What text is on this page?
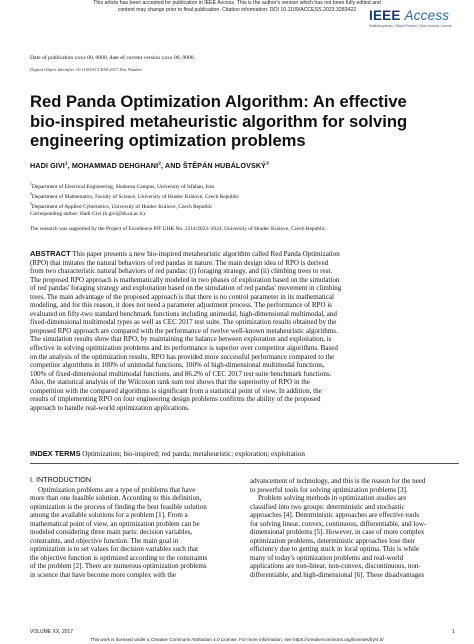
This article has been accepted for publication in IEEE Access. This is the author's version which has not been fully edited and
content may change prior to final publication. Citation information: DOI 10.1109/ACCESS.2023.3283422 IEEE Access
Multidisciplinary | Rapid Review | Open Access Journal
Date of publication xxxx 00, 0000, date of current version xxxx 00, 0000.
Digital Object Identifier 10.1109/ACCESS.2017.Doi Number
Red Panda Optimization Algorithm: An effective
bio-inspired metaheuristic algorithm for solving
engineering optimization problems
HADI GIVI$^1$, MOHAMMAD DEHGHANI$^2$, AND ŠTĚPÁN HUBÁLOVSKÝ$^3$
$^1$Department of Electrical Engineering, Shahreza Campus, University of Isfahan, Iran
$^2$Department of Mathematics, Faculty of Science, University of Hradec Králové, Czech Republic
$^3$Department of Applied Cybernetics, University of Hradec Králové, Czech Republic
Corresponding author: Hadi Givi (h.givi@sh.ui.ac.ir).
The research was supported by the Project of Excellence PřF UHK No. 2214/2023–2024, University of Hradec Kralove, Czech Republic.
ABSTRACT This paper presents a new bio-inspired metaheuristic algorithm called Red Panda Optimization
(RPO) that imitates the natural behaviors of red pandas in nature. The main design idea of RPO is derived
from two characteristic natural behaviors of red pandas: (i) foraging strategy, and (ii) climbing trees to rest.
The proposed RPO approach is mathematically modeled in two phases of exploration based on the simulation
of red pandas' foraging strategy and exploitation based on the simulation of red pandas' movement in climbing
trees. The main advantage of the proposed approach is that there is no control parameter in its mathematical
modeling, and for this reason, it does not need a parameter adjustment process. The performance of RPO is
evaluated on fifty-two standard benchmark functions including unimodal, high-dimensional multimodal, and
fixed-dimensional multimodal types as well as CEC 2017 test suite. The optimization results obtained by the
proposed RPO approach are compared with the performance of twelve well-known metaheuristic algorithms.
The simulation results show that RPO, by maintaining the balance between exploration and exploitation, is
effective in solving optimization problems and its performance is superior over competitor algorithms. Based
on the analysis of the optimization results, RPO has provided more successful performance compared to the
competitor algorithms in 100% of unimodal functions, 100% of high-dimensional multimodal functions,
100% of fixed-dimensional multimodal functions, and 86.2% of CEC 2017 test suite benchmark functions.
Also, the statistical analysis of the Wilcoxon rank sum test shows that the superiority of RPO in the
competition with the compared algorithms is significant from a statistical point of view. In addition, the
results of implementing RPO on four engineering design problems confirms the ability of the proposed
approach to handle real-world optimization applications.
INDEX TERMS Optimization; bio-inspired; red panda; metaheuristic; exploration; exploitation
I. INTRODUCTION
Optimization problems are a type of problems that have
more than one feasible solution. According to this definition,
optimization is the process of finding the best feasible solution
among the available solutions for a problem [1]. From a
mathematical point of view, an optimization problem can be
modeled considering three main parts: decision variables,
constraints, and objective function. The main goal in
optimization is to set values for decision variables such that
the objective function is optimized according to the constraints
of the problem [2]. There are numerous optimization problems
in science that have become more complex with the
advancement of technology, and this is the reason for the need
to powerful tools for solving optimization problems [3].
Problem solving methods in optimization studies are
classified into two groups: deterministic and stochastic
approaches [4]. Deterministic approaches are effective tools
for solving linear, convex, continuous, differentiable, and low-
dimensional problems [5]. However, in case of more complex
optimization problems, deterministic approaches lose their
efficiency due to getting stuck in local optima. This is while
many of today's optimization problems and real-world
applications are non-linear, non-convex, discontinuous, non-
differentiable, and high-dimensional [6]. These disadvantages
VOLUME XX, 2017	1
This work is licensed under a Creative Commons Attribution 4.0 License. For more information, see https://creativecommons.org/licenses/by/4.0/
